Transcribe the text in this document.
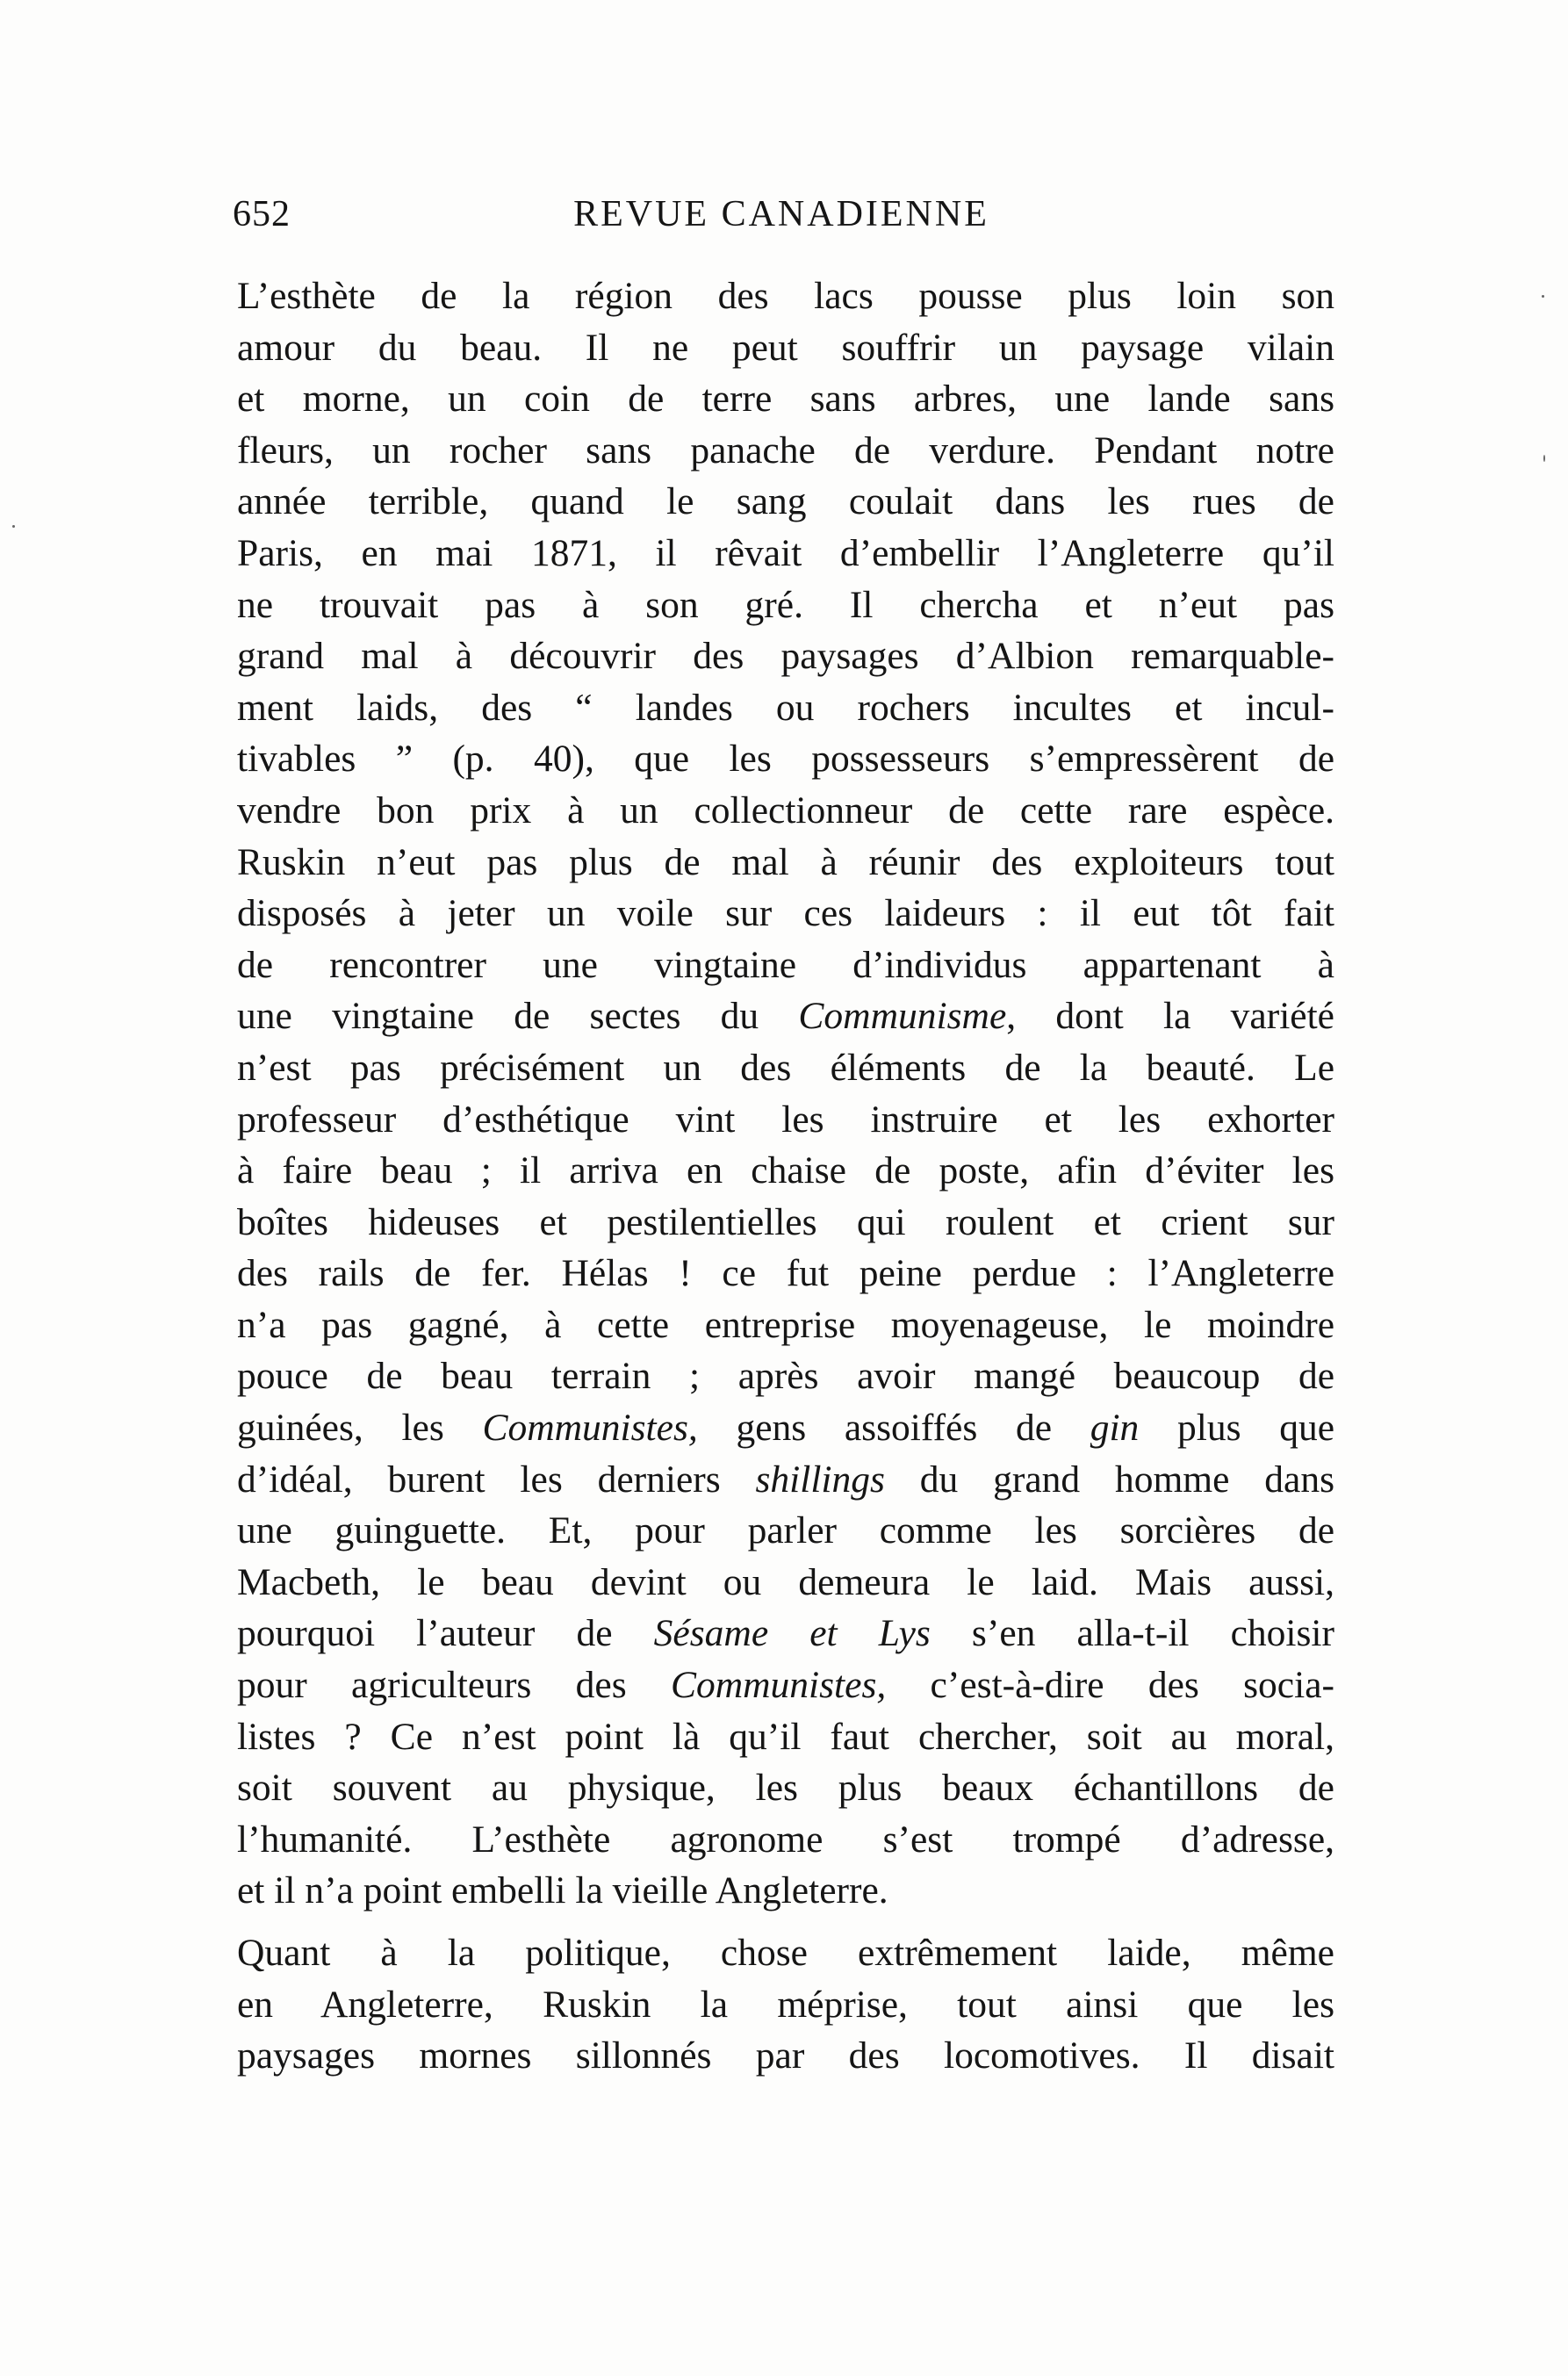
652	REVUE CANADIENNE
L’esthète de la région des lacs pousse plus loin son
amour du beau. Il ne peut souffrir un paysage vilain
et morne, un coin de terre sans arbres, une lande sans
fleurs, un rocher sans panache de verdure. Pendant notre
année terrible, quand le sang coulait dans les rues de
Paris, en mai 1871, il rêvait d’embellir l’Angleterre qu’il
ne trouvait pas à son gré. Il chercha et n’eut pas
grand mal à découvrir des paysages d’Albion remarquable-
ment laids, des “ landes ou rochers incultes et incul-
tivables ” (p. 40), que les possesseurs s’empressèrent de
vendre bon prix à un collectionneur de cette rare espèce.
Ruskin n’eut pas plus de mal à réunir des exploiteurs tout
disposés à jeter un voile sur ces laideurs : il eut tôt fait
de rencontrer une vingtaine d’individus appartenant à
une vingtaine de sectes du Communisme, dont la variété
n’est pas précisément un des éléments de la beauté. Le
professeur d’esthétique vint les instruire et les exhorter
à faire beau ; il arriva en chaise de poste, afin d’éviter les
boîtes hideuses et pestilentielles qui roulent et crient sur
des rails de fer. Hélas ! ce fut peine perdue : l’Angleterre
n’a pas gagné, à cette entreprise moyenageuse, le moindre
pouce de beau terrain ; après avoir mangé beaucoup de
guinées, les Communistes, gens assoiffés de gin plus que
d’idéal, burent les derniers shillings du grand homme dans
une guinguette. Et, pour parler comme les sorcières de
Macbeth, le beau devint ou demeura le laid. Mais aussi,
pourquoi l’auteur de Sésame et Lys s’en alla-t-il choisir
pour agriculteurs des Communistes, c’est-à-dire des socia-
listes ? Ce n’est point là qu’il faut chercher, soit au moral,
soit souvent au physique, les plus beaux échantillons de
l’humanité. L’esthète agronome s’est trompé d’adresse,
et il n’a point embelli la vieille Angleterre.
Quant à la politique, chose extrêmement laide, même
en Angleterre, Ruskin la méprise, tout ainsi que les
paysages mornes sillonnés par des locomotives. Il disait
